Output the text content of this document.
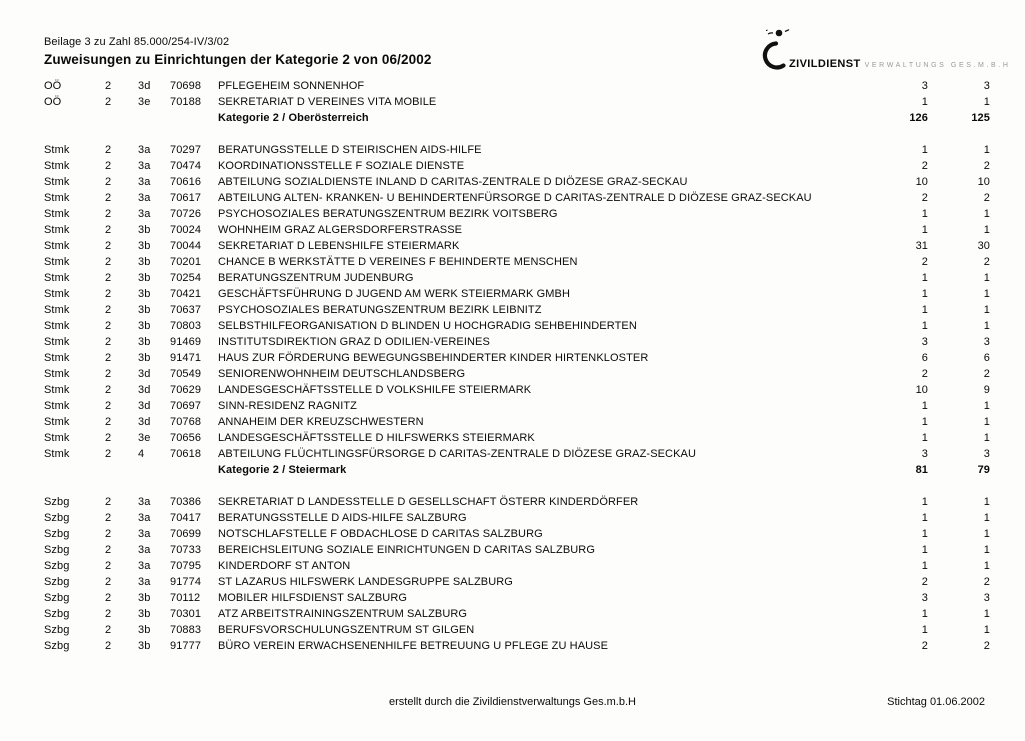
Beilage 3 zu Zahl 85.000/254-IV/3/02
Zuweisungen zu Einrichtungen der Kategorie 2 von 06/2002	ZIVILDIENST VERWALTUNGS GES.M.B.H
OÖ	2	3d	70698	PFLEGEHEIM SONNENHOF	3	3
OÖ	2	3e	70188	SEKRETARIAT D VEREINES VITA MOBILE	1	1
Kategorie 2 / Oberösterreich	126	125
Stmk	2	3a	70297	BERATUNGSSTELLE D STEIRISCHEN AIDS-HILFE	1	1
Stmk	2	3a	70474	KOORDINATIONSSTELLE F SOZIALE DIENSTE	2	2
Stmk	2	3a	70616	ABTEILUNG SOZIALDIENSTE INLAND D CARITAS-ZENTRALE D DIÖZESE GRAZ-SECKAU	10	10
Stmk	2	3a	70617	ABTEILUNG ALTEN- KRANKEN- U BEHINDERTENFÜRSORGE D CARITAS-ZENTRALE D DIÖZESE GRAZ-SECKAU	2	2
Stmk	2	3a	70726	PSYCHOSOZIALES BERATUNGSZENTRUM BEZIRK VOITSBERG	1	1
Stmk	2	3b	70024	WOHNHEIM GRAZ ALGERSDORFERSTRASSE	1	1
Stmk	2	3b	70044	SEKRETARIAT D LEBENSHILFE STEIERMARK	31	30
Stmk	2	3b	70201	CHANCE B WERKSTÄTTE D VEREINES F BEHINDERTE MENSCHEN	2	2
Stmk	2	3b	70254	BERATUNGSZENTRUM JUDENBURG	1	1
Stmk	2	3b	70421	GESCHÄFTSFÜHRUNG D JUGEND AM WERK STEIERMARK GMBH	1	1
Stmk	2	3b	70637	PSYCHOSOZIALES BERATUNGSZENTRUM BEZIRK LEIBNITZ	1	1
Stmk	2	3b	70803	SELBSTHILFEORGANISATION D BLINDEN U HOCHGRADIG SEHBEHINDERTEN	1	1
Stmk	2	3b	91469	INSTITUTSDIREKTION GRAZ D ODILIEN-VEREINES	3	3
Stmk	2	3b	91471	HAUS ZUR FÖRDERUNG BEWEGUNGSBEHINDERTER KINDER HIRTENKLOSTER	6	6
Stmk	2	3d	70549	SENIORENWOHNHEIM DEUTSCHLANDSBERG	2	2
Stmk	2	3d	70629	LANDESGESCHÄFTSSTELLE D VOLKSHILFE STEIERMARK	10	9
Stmk	2	3d	70697	SINN-RESIDENZ RAGNITZ	1	1
Stmk	2	3d	70768	ANNAHEIM DER KREUZSCHWESTERN	1	1
Stmk	2	3e	70656	LANDESGESCHÄFTSSTELLE D HILFSWERKS STEIERMARK	1	1
Stmk	2	4	70618	ABTEILUNG FLÜCHTLINGSFÜRSORGE D CARITAS-ZENTRALE D DIÖZESE GRAZ-SECKAU	3	3
Kategorie 2 / Steiermark	81	79
Szbg	2	3a	70386	SEKRETARIAT D LANDESSTELLE D GESELLSCHAFT ÖSTERR KINDERDÖRFER	1	1
Szbg	2	3a	70417	BERATUNGSSTELLE D AIDS-HILFE SALZBURG	1	1
Szbg	2	3a	70699	NOTSCHLAFSTELLE F OBDACHLOSE D CARITAS SALZBURG	1	1
Szbg	2	3a	70733	BEREICHSLEITUNG SOZIALE EINRICHTUNGEN D CARITAS SALZBURG	1	1
Szbg	2	3a	70795	KINDERDORF ST ANTON	1	1
Szbg	2	3a	91774	ST LAZARUS HILFSWERK LANDESGRUPPE SALZBURG	2	2
Szbg	2	3b	70112	MOBILER HILFSDIENST SALZBURG	3	3
Szbg	2	3b	70301	ATZ ARBEITSTRAININGSZENTRUM SALZBURG	1	1
Szbg	2	3b	70883	BERUFSVORSCHULUNGSZENTRUM ST GILGEN	1	1
Szbg	2	3b	91777	BÜRO VEREIN ERWACHSENENHILFE BETREUUNG U PFLEGE ZU HAUSE	2	2
erstellt durch die Zivildienstverwaltungs Ges.m.b.H	Stichtag 01.06.2002
